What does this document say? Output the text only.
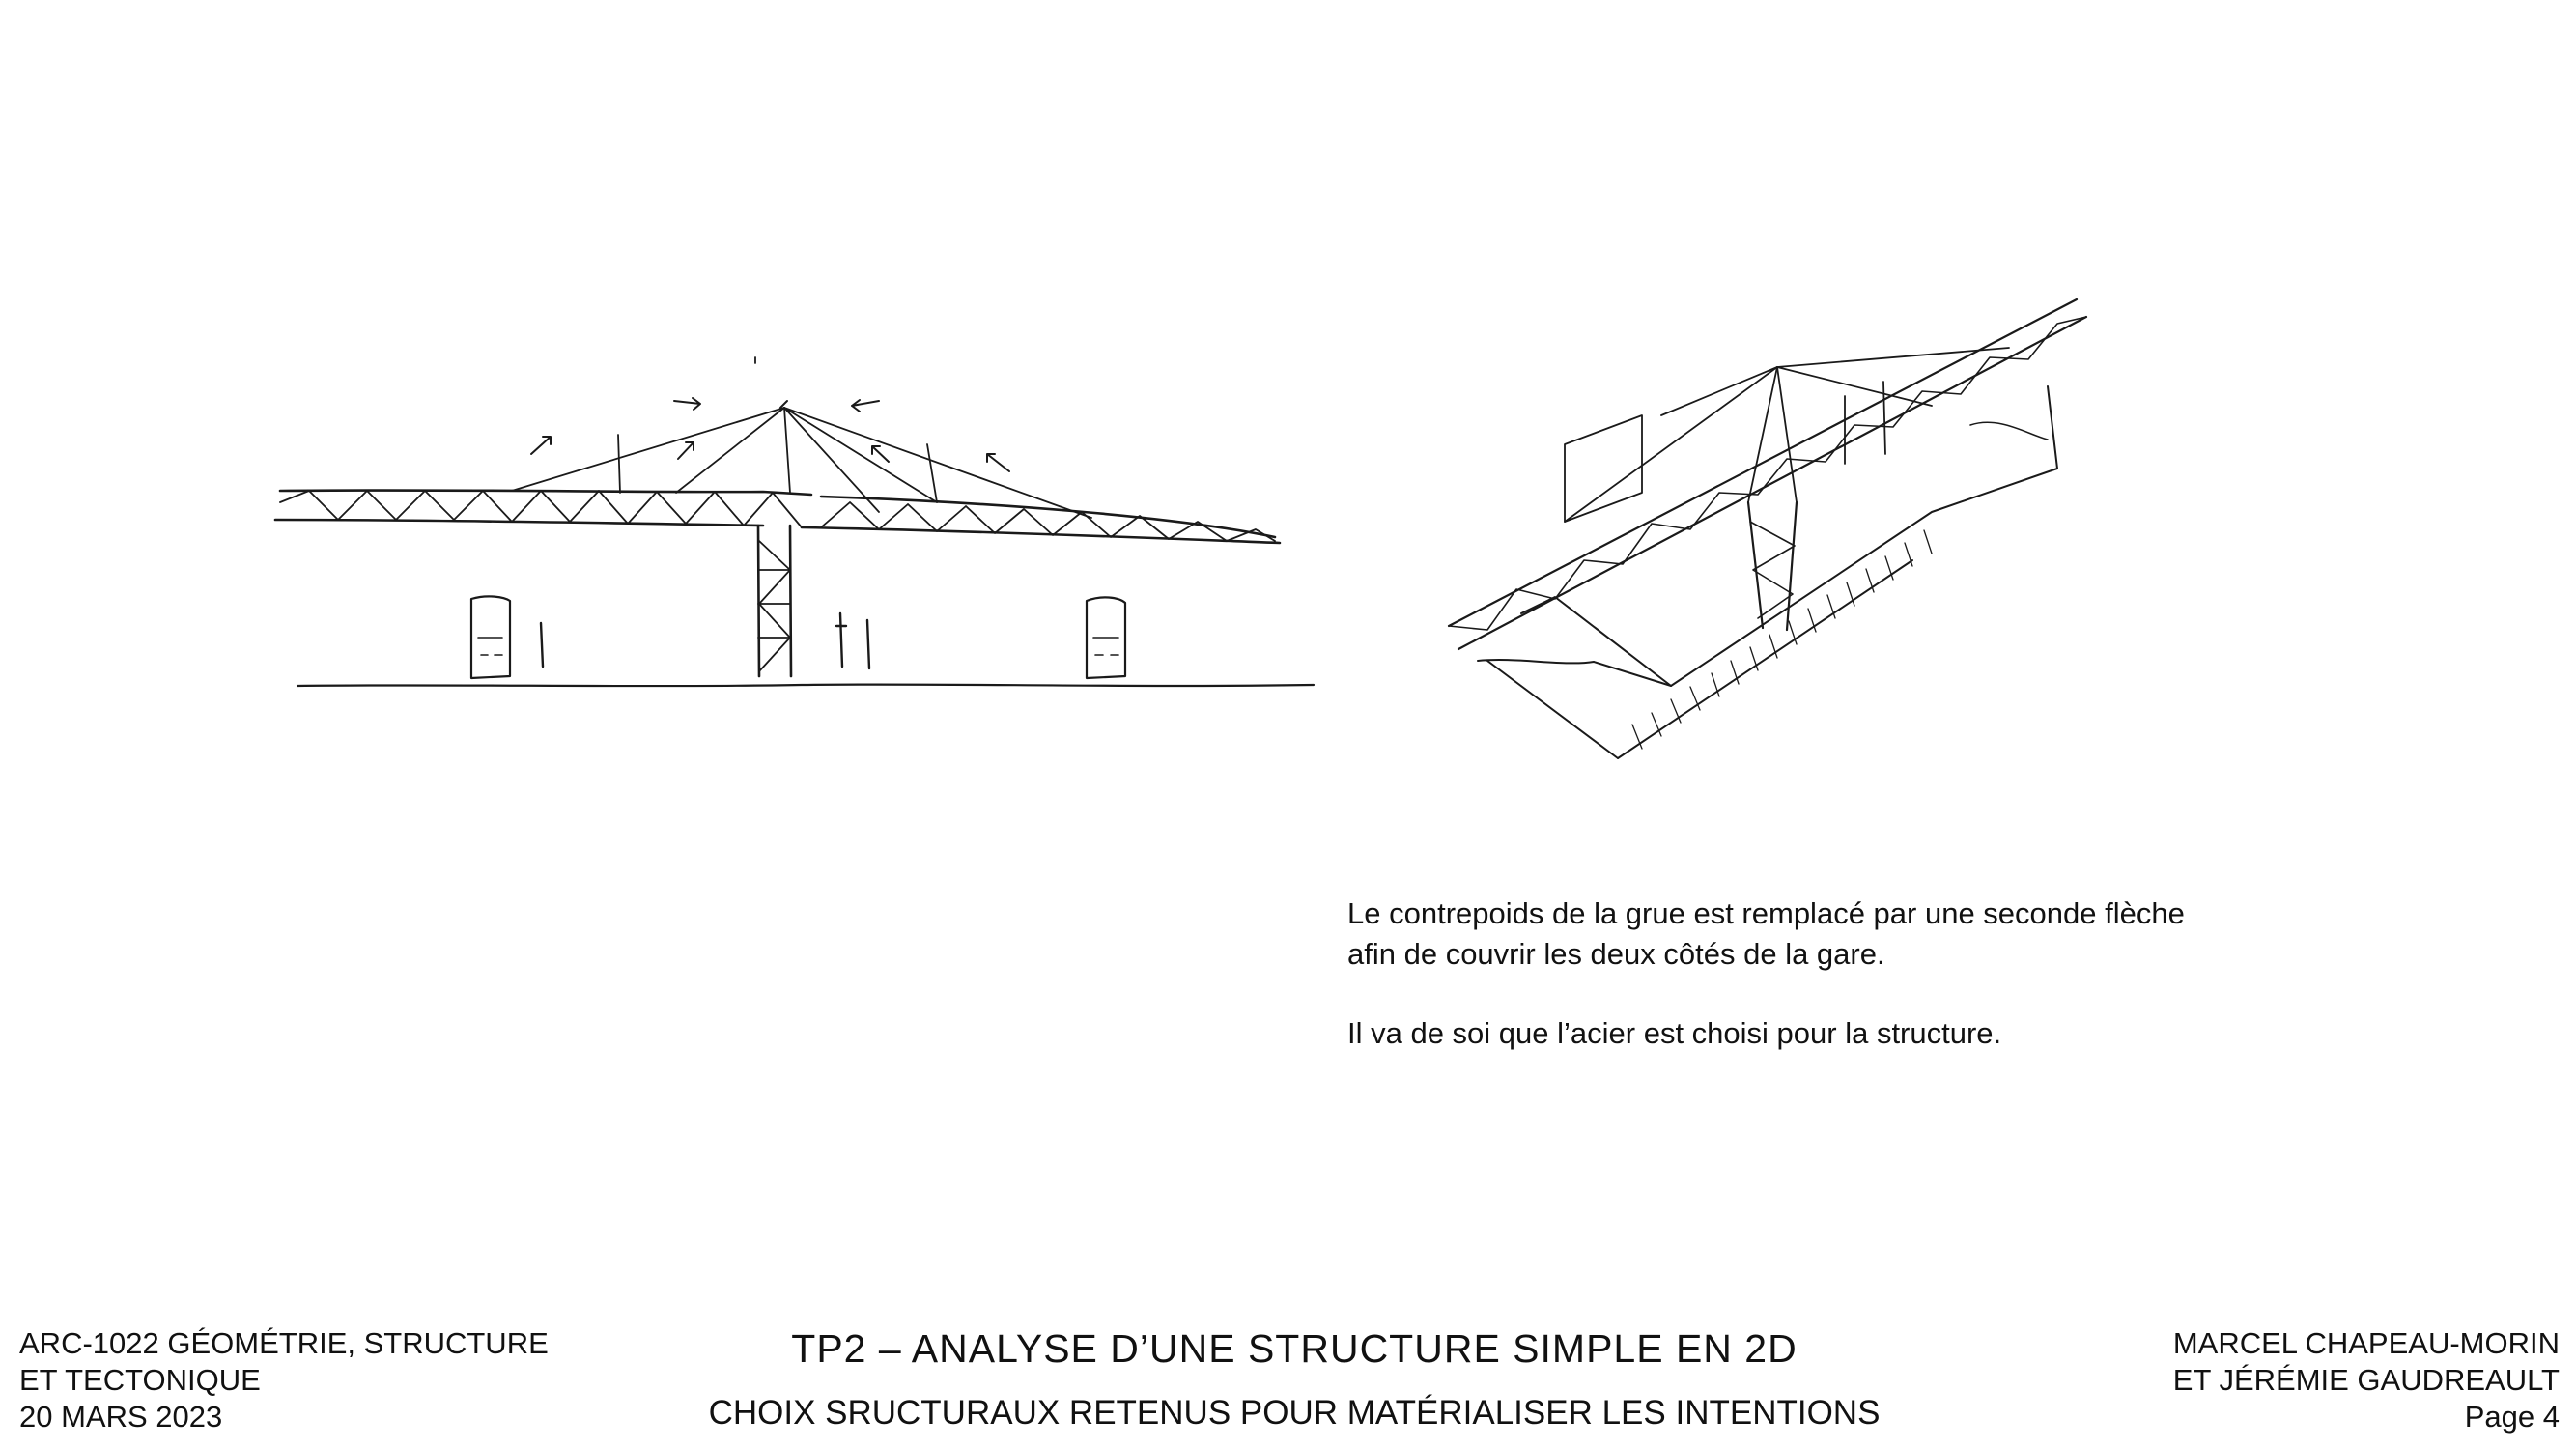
Le contrepoids de la grue est remplacé par une seconde flèche

afin de couvrir les deux côtés de la gare.

Il va de soi que l’acier est choisi pour la structure.

ARC-1022 GÉOMÉTRIE, STRUCTURE
ET TECTONIQUE
20 MARS 2023
TP2 – ANALYSE D’UNE STRUCTURE SIMPLE EN 2D
CHOIX SRUCTURAUX RETENUS POUR MATÉRIALISER LES INTENTIONS
MARCEL CHAPEAU-MORIN
ET JÉRÉMIE GAUDREAULT
Page 4
